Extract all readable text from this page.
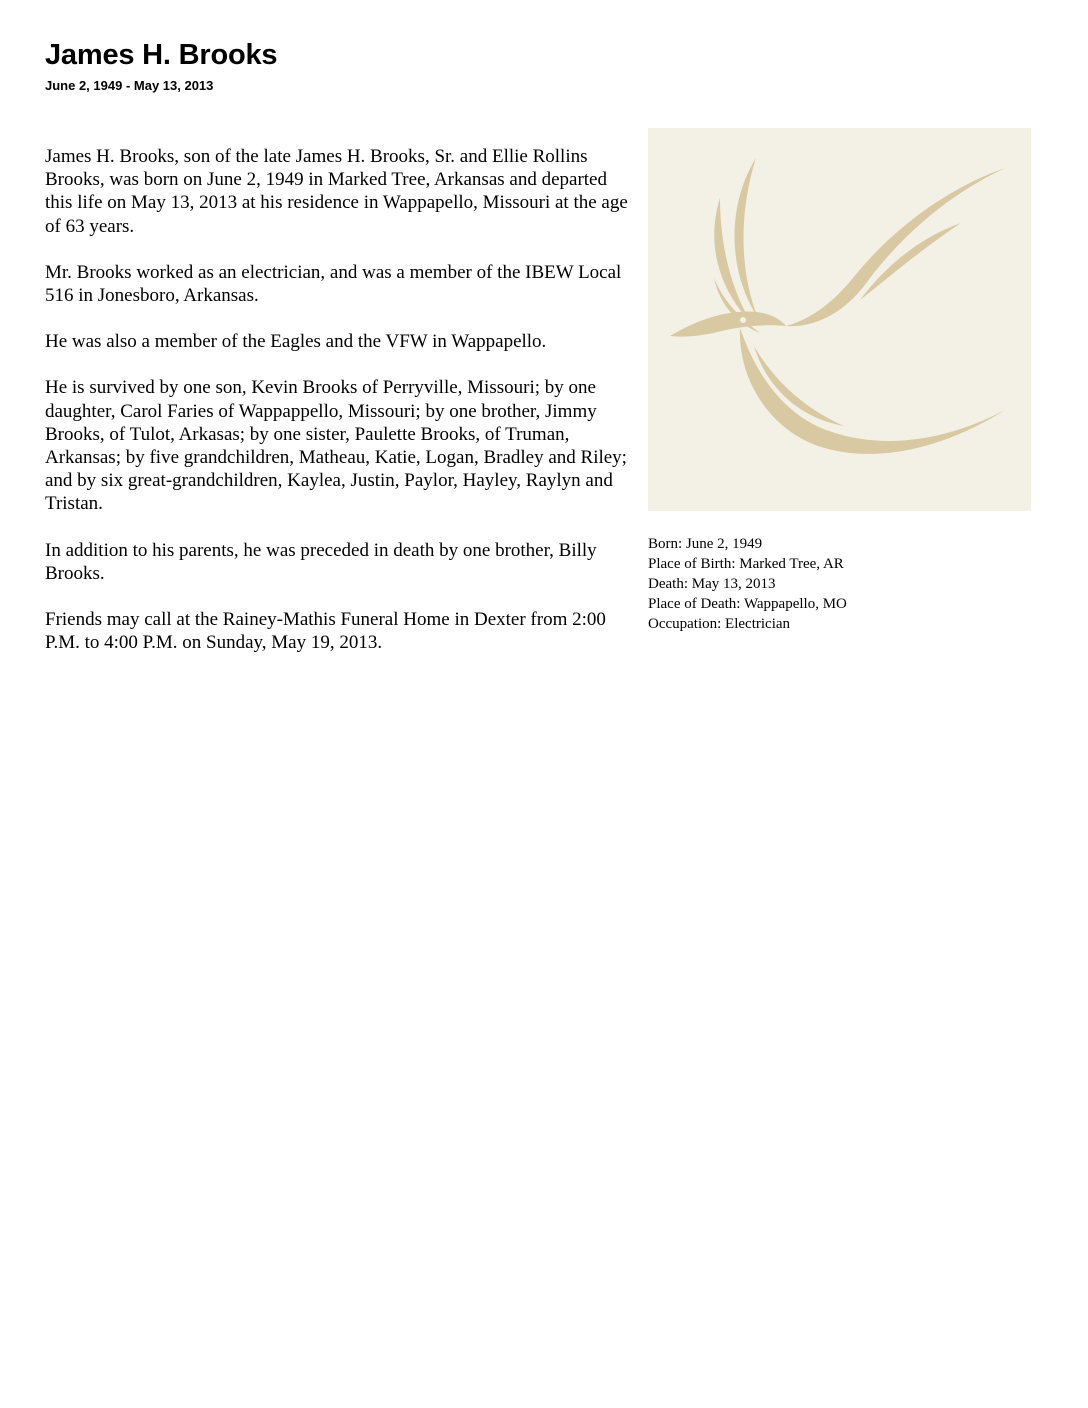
James H. Brooks
June 2, 1949 - May 13, 2013

James H. Brooks, son of the late James H. Brooks, Sr. and Ellie Rollins Brooks, was born on June 2, 1949 in Marked Tree, Arkansas and departed this life on May 13, 2013 at his residence in Wappapello, Missouri at the age of 63 years.

Mr. Brooks worked as an electrician, and was a member of the IBEW Local 516 in Jonesboro, Arkansas.

He was also a member of the Eagles and the VFW in Wappapello.

He is survived by one son, Kevin Brooks of Perryville, Missouri; by one daughter, Carol Faries of Wappappello, Missouri; by one brother, Jimmy Brooks, of Tulot, Arkasas; by one sister, Paulette Brooks, of Truman, Arkansas; by five grandchildren, Matheau, Katie, Logan, Bradley and Riley; and by six great-grandchildren, Kaylea, Justin, Paylor, Hayley, Raylyn and Tristan.

In addition to his parents, he was preceded in death by one brother, Billy Brooks.

Friends may call at the Rainey-Mathis Funeral Home in Dexter from 2:00 P.M. to 4:00 P.M. on Sunday, May 19, 2013.

Born: June 2, 1949
Place of Birth: Marked Tree, AR
Death: May 13, 2013
Place of Death: Wappapello, MO
Occupation: Electrician
